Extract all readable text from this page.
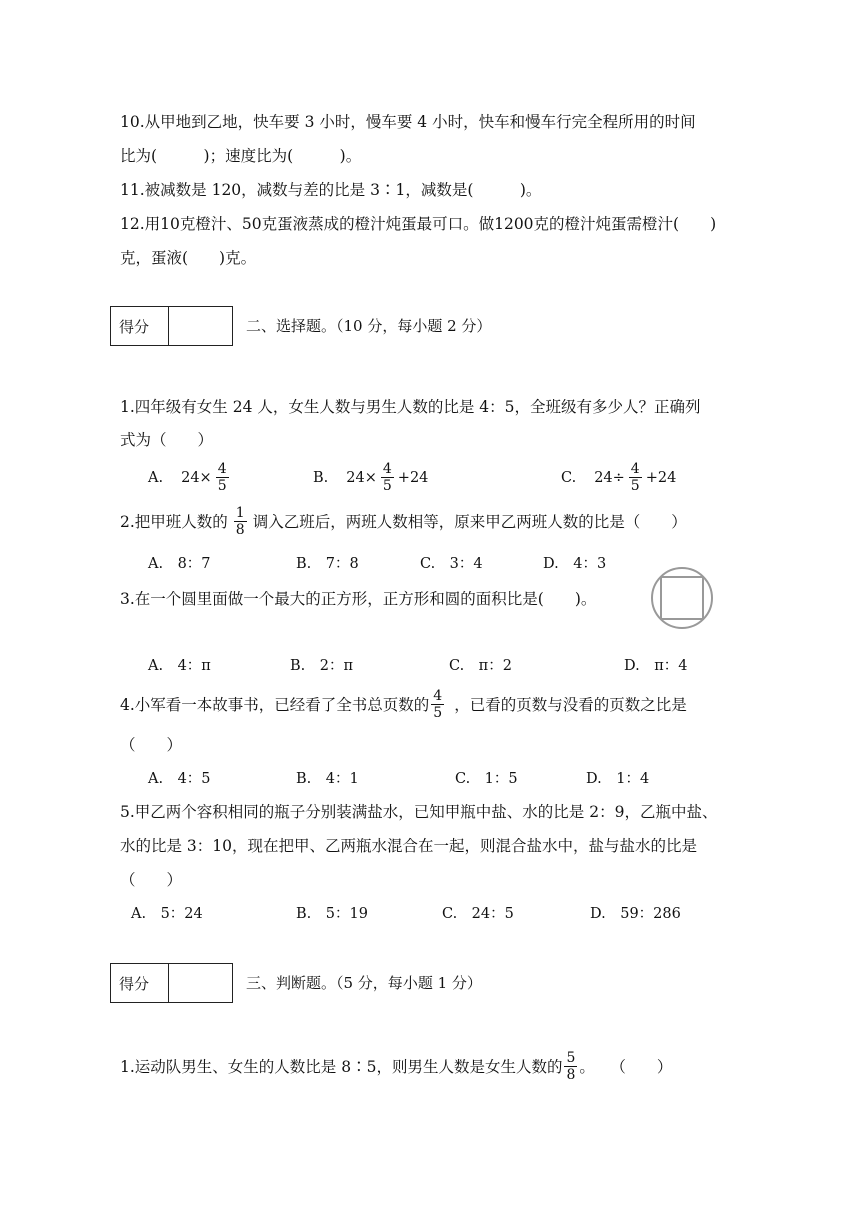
10.从甲地到乙地，快车要 3 小时，慢车要 4 小时，快车和慢车行完全程所用的时间
比为(　　　)；速度比为(　　　)。
11.被减数是 120，减数与差的比是 3∶1，减数是(　　　)。
12.用10克橙汁、50克蛋液蒸成的橙汁炖蛋最可口。做1200克的橙汁炖蛋需橙汁(　　)
克，蛋液(　　)克。
得分	二、选择题。（10 分，每小题 2 分）
1.四年级有女生 24 人，女生人数与男生人数的比是 4：5，全班级有多少人？正确列
式为（　　）
A. $24\times \frac{4}{5}$	B. $24\times \frac{4}{5} +24$	C. $24\div \frac{4}{5} +24$
2.把甲班人数的 $\frac{1}{8}$ 调入乙班后，两班人数相等，原来甲乙两班人数的比是（　　）
A.　8：7	B.　7：8	C.　3：4	D.　4：3
3.在一个圆里面做一个最大的正方形，正方形和圆的面积比是(　　)。
A.　4：π	B.　2：π	C.　π：2	D.　π：4
4.小军看一本故事书，已经看了全书总页数的 $\frac{4}{5}$ ，已看的页数与没看的页数之比是
（　　）
A.　4：5	B.　4：1	C.　1：5	D.　1：4
5.甲乙两个容积相同的瓶子分别装满盐水，已知甲瓶中盐、水的比是 2：9，乙瓶中盐、
水的比是 3：10，现在把甲、乙两瓶水混合在一起，则混合盐水中，盐与盐水的比是
（　　）
A.　5：24	B.　5：19	C.　24：5	D.　59：286
得分	三、判断题。（5 分，每小题 1 分）
1.运动队男生、女生的人数比是 8∶5，则男生人数是女生人数的 $\frac{5}{8}$ 。　　（　　）
